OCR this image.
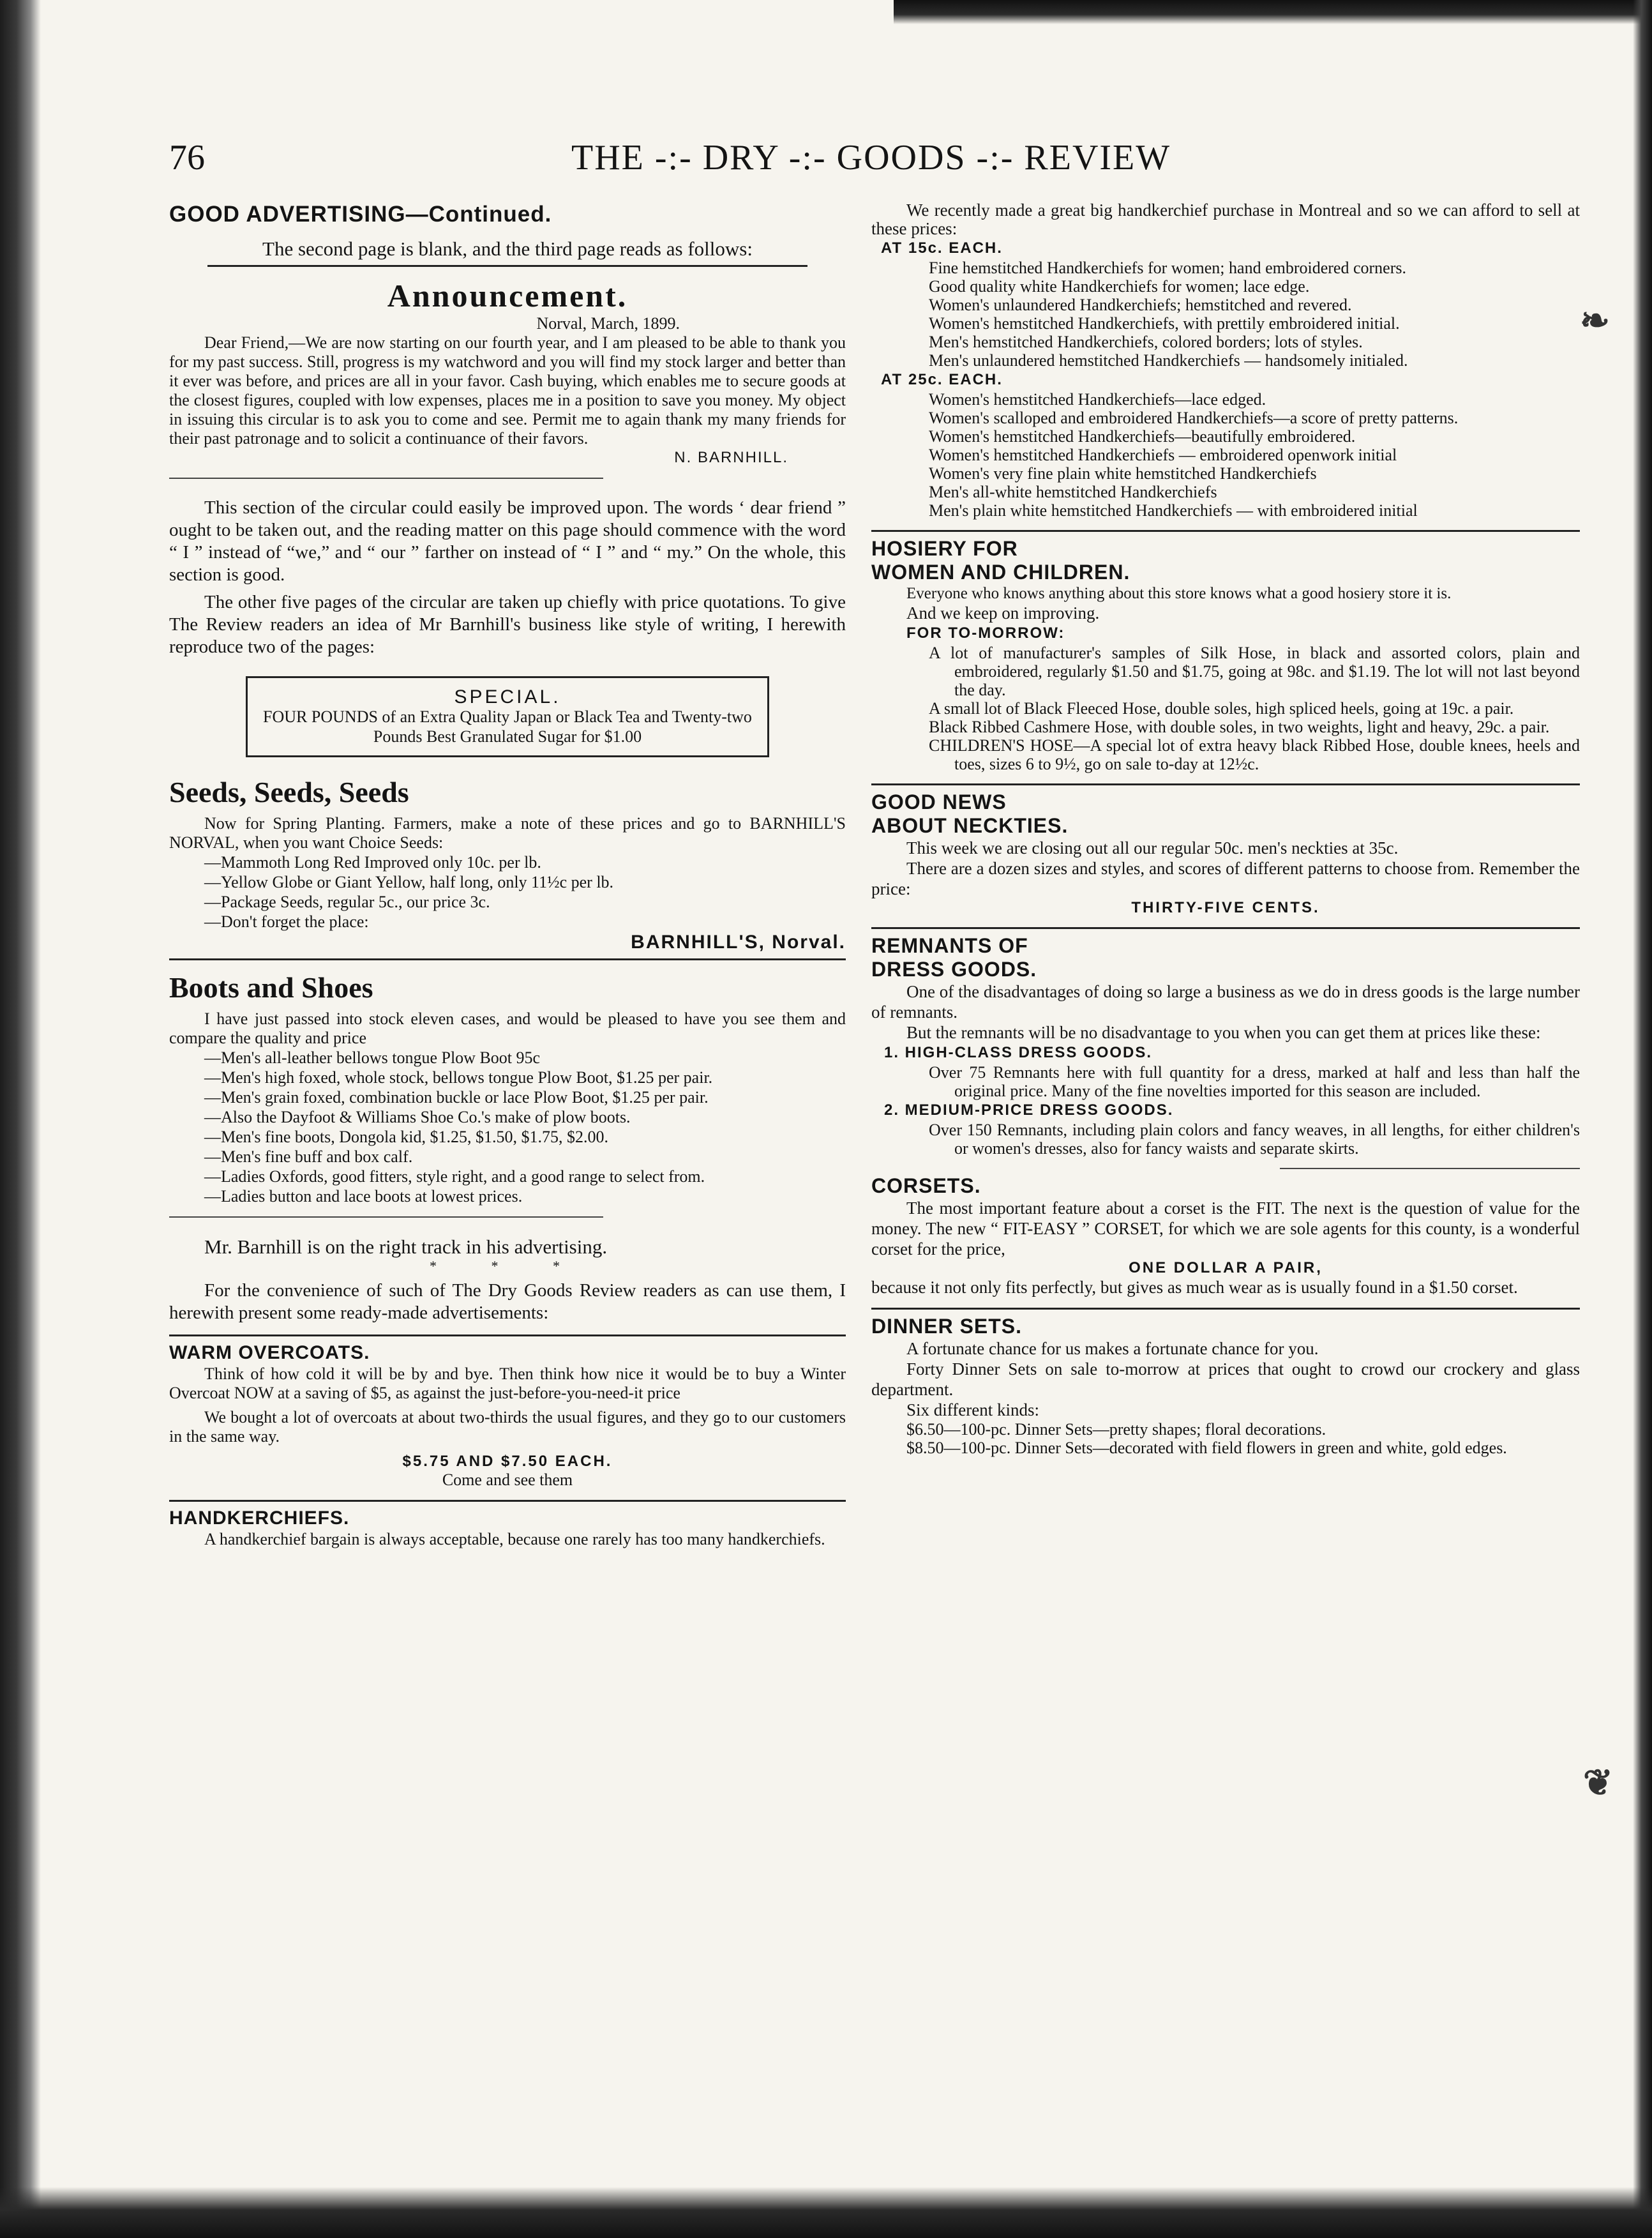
76	THE -:- DRY -:- GOODS -:- REVIEW
GOOD ADVERTISING—Continued.
The second page is blank, and the third page reads as follows:
Announcement.
Norval, March, 1899.
Dear Friend,—We are now starting on our fourth year, and I am pleased to be able to thank you for my past success. Still, progress is my watchword and you will find my stock larger and better than it ever was before, and prices are all in your favor. Cash buying, which enables me to secure goods at the closest figures, coupled with low expenses, places me in a position to save you money. My object in issuing this circular is to ask you to come and see. Permit me to again thank my many friends for their past patronage and to solicit a continuance of their favors.
N. BARNHILL.
This section of the circular could easily be improved upon. The words ‘ dear friend ” ought to be taken out, and the reading matter on this page should commence with the word “ I ” instead of “we,” and “ our ” farther on instead of “ I ” and “ my.” On the whole, this section is good.
The other five pages of the circular are taken up chiefly with price quotations. To give The Review readers an idea of Mr Barnhill's business like style of writing, I herewith reproduce two of the pages:
SPECIAL.
FOUR POUNDS of an Extra Quality Japan or Black Tea and Twenty-two Pounds Best Granulated Sugar for $1.00
Seeds, Seeds, Seeds
Now for Spring Planting. Farmers, make a note of these prices and go to BARNHILL'S NORVAL, when you want Choice Seeds:
—Mammoth Long Red Improved only 10c. per lb.
—Yellow Globe or Giant Yellow, half long, only 11½c per lb.
—Package Seeds, regular 5c., our price 3c.
—Don't forget the place:
BARNHILL'S, Norval.
Boots and Shoes
I have just passed into stock eleven cases, and would be pleased to have you see them and compare the quality and price
—Men's all-leather bellows tongue Plow Boot 95c
—Men's high foxed, whole stock, bellows tongue Plow Boot, $1.25 per pair.
—Men's grain foxed, combination buckle or lace Plow Boot, $1.25 per pair.
—Also the Dayfoot & Williams Shoe Co.'s make of plow boots.
—Men's fine boots, Dongola kid, $1.25, $1.50, $1.75, $2.00.
—Men's fine buff and box calf.
—Ladies Oxfords, good fitters, style right, and a good range to select from.
—Ladies button and lace boots at lowest prices.
Mr. Barnhill is on the right track in his advertising.
* * *
For the convenience of such of The Dry Goods Review readers as can use them, I herewith present some ready-made advertisements:
WARM OVERCOATS.
Think of how cold it will be by and bye. Then think how nice it would be to buy a Winter Overcoat NOW at a saving of $5, as against the just-before-you-need-it price
We bought a lot of overcoats at about two-thirds the usual figures, and they go to our customers in the same way.
$5.75 AND $7.50 EACH.
Come and see them
HANDKERCHIEFS.
A handkerchief bargain is always acceptable, because one rarely has too many handkerchiefs.
We recently made a great big handkerchief purchase in Montreal and so we can afford to sell at these prices:
AT 15c. EACH.
Fine hemstitched Handkerchiefs for women; hand embroidered corners.
Good quality white Handkerchiefs for women; lace edge.
Women's unlaundered Handkerchiefs; hemstitched and revered.
Women's hemstitched Handkerchiefs, with prettily embroidered initial.
Men's hemstitched Handkerchiefs, colored borders; lots of styles.
Men's unlaundered hemstitched Handkerchiefs — handsomely initialed.
AT 25c. EACH.
Women's hemstitched Handkerchiefs—lace edged.
Women's scalloped and embroidered Handkerchiefs—a score of pretty patterns.
Women's hemstitched Handkerchiefs—beautifully embroidered.
Women's hemstitched Handkerchiefs — embroidered openwork initial
Women's very fine plain white hemstitched Handkerchiefs
Men's all-white hemstitched Handkerchiefs
Men's plain white hemstitched Handkerchiefs — with embroidered initial
HOSIERY FOR
WOMEN AND CHILDREN.
Everyone who knows anything about this store knows what a good hosiery store it is.
And we keep on improving.
FOR TO-MORROW:
A lot of manufacturer's samples of Silk Hose, in black and assorted colors, plain and embroidered, regularly $1.50 and $1.75, going at 98c. and $1.19. The lot will not last beyond the day.
A small lot of Black Fleeced Hose, double soles, high spliced heels, going at 19c. a pair.
Black Ribbed Cashmere Hose, with double soles, in two weights, light and heavy, 29c. a pair.
CHILDREN'S HOSE—A special lot of extra heavy black Ribbed Hose, double knees, heels and toes, sizes 6 to 9½, go on sale to-day at 12½c.
GOOD NEWS
ABOUT NECKTIES.
This week we are closing out all our regular 50c. men's neckties at 35c.
There are a dozen sizes and styles, and scores of different patterns to choose from. Remember the price:
THIRTY-FIVE CENTS.
REMNANTS OF
DRESS GOODS.
One of the disadvantages of doing so large a business as we do in dress goods is the large number of remnants.
But the remnants will be no disadvantage to you when you can get them at prices like these:
1. HIGH-CLASS DRESS GOODS.
Over 75 Remnants here with full quantity for a dress, marked at half and less than half the original price. Many of the fine novelties imported for this season are included.
2. MEDIUM-PRICE DRESS GOODS.
Over 150 Remnants, including plain colors and fancy weaves, in all lengths, for either children's or women's dresses, also for fancy waists and separate skirts.
CORSETS.
The most important feature about a corset is the FIT. The next is the question of value for the money. The new “ FIT-EASY ” CORSET, for which we are sole agents for this county, is a wonderful corset for the price,
ONE DOLLAR A PAIR,
because it not only fits perfectly, but gives as much wear as is usually found in a $1.50 corset.
DINNER SETS.
A fortunate chance for us makes a fortunate chance for you.
Forty Dinner Sets on sale to-morrow at prices that ought to crowd our crockery and glass department.
Six different kinds:
$6.50—100-pc. Dinner Sets—pretty shapes; floral decorations.
$8.50—100-pc. Dinner Sets—decorated with field flowers in green and white, gold edges.
❧
❦
